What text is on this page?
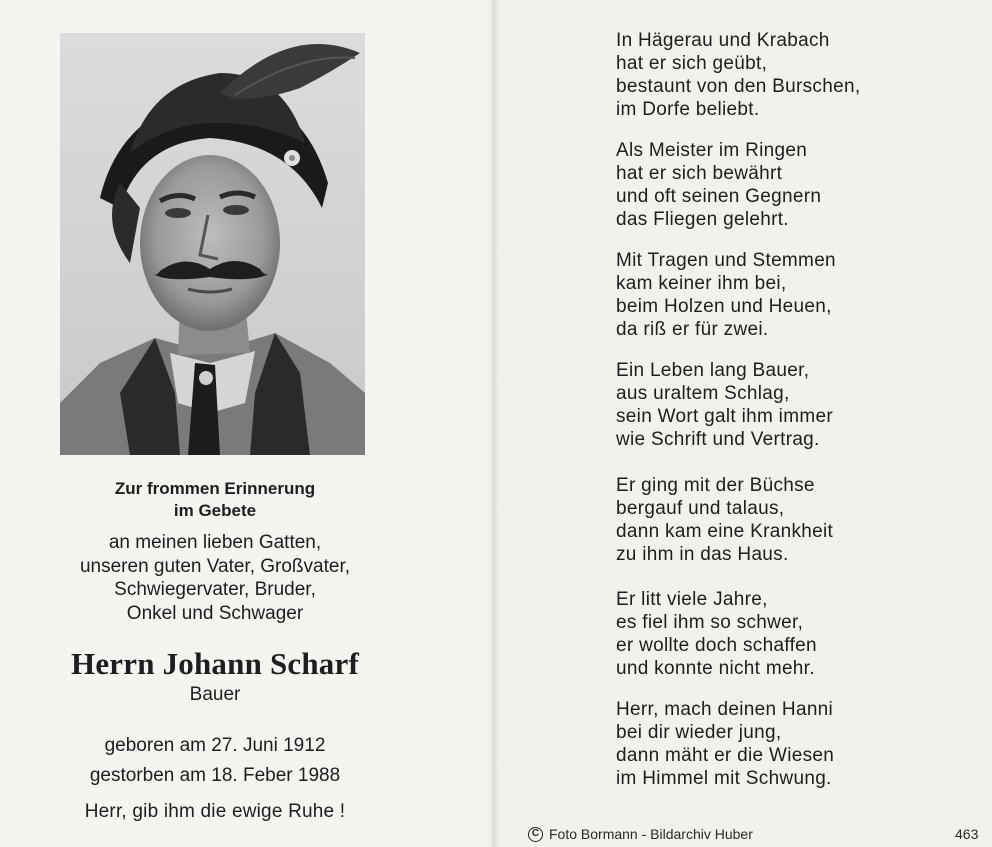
Zur frommen Erinnerung
im Gebete
an meinen lieben Gatten,
unseren guten Vater, Großvater,
Schwiegervater, Bruder,
Onkel und Schwager
Herrn Johann Scharf
Bauer
geboren am 27. Juni 1912
gestorben am 18. Feber 1988
Herr, gib ihm die ewige Ruhe !
In Hägerau und Krabach
hat er sich geübt,
bestaunt von den Burschen,
im Dorfe beliebt.
Als Meister im Ringen
hat er sich bewährt
und oft seinen Gegnern
das Fliegen gelehrt.
Mit Tragen und Stemmen
kam keiner ihm bei,
beim Holzen und Heuen,
da riß er für zwei.
Ein Leben lang Bauer,
aus uraltem Schlag,
sein Wort galt ihm immer
wie Schrift und Vertrag.
Er ging mit der Büchse
bergauf und talaus,
dann kam eine Krankheit
zu ihm in das Haus.
Er litt viele Jahre,
es fiel ihm so schwer,
er wollte doch schaffen
und konnte nicht mehr.
Herr, mach deinen Hanni
bei dir wieder jung,
dann mäht er die Wiesen
im Himmel mit Schwung.
C Foto Bormann - Bildarchiv Huber	463
